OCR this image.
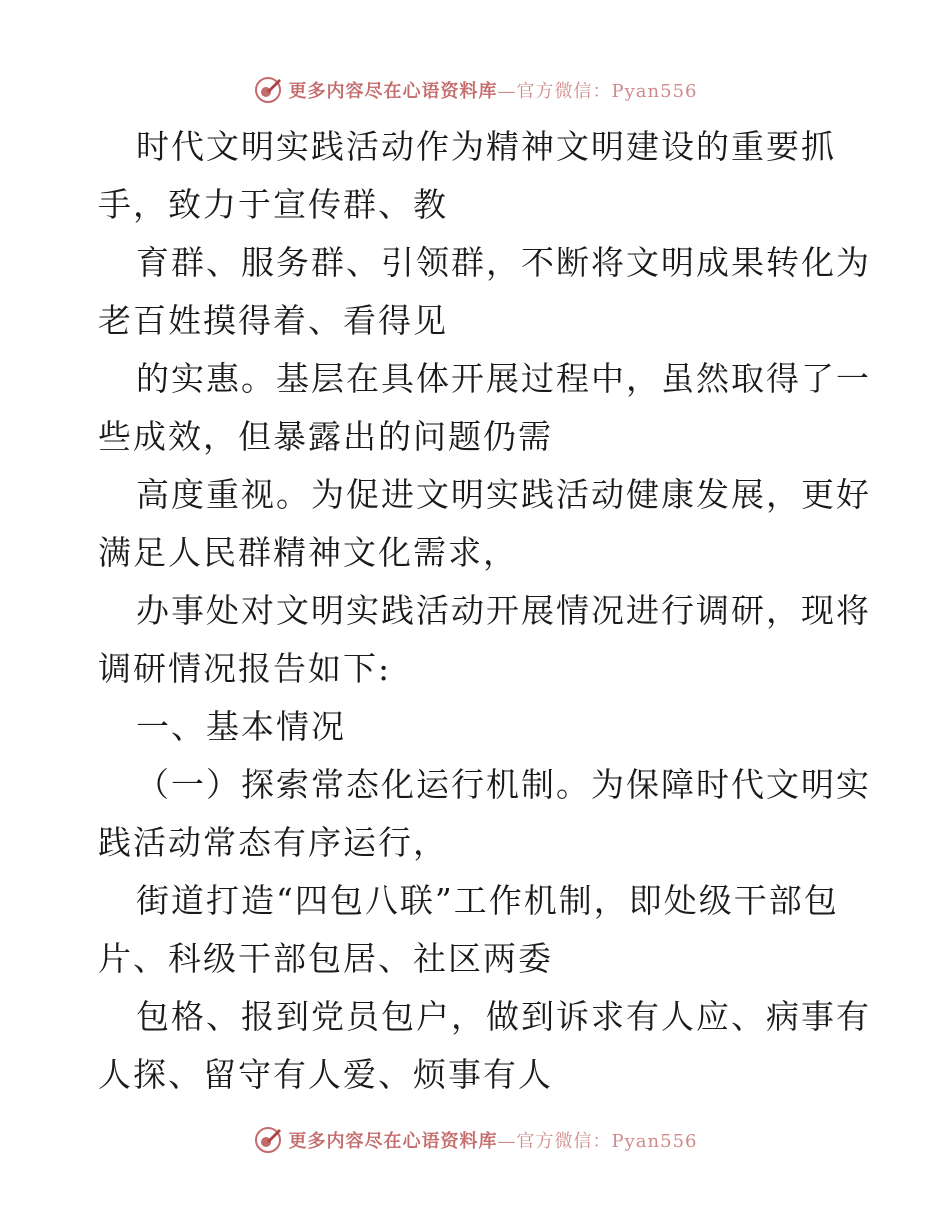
更多内容尽在心语资料库—官方微信：Pyan556
时代文明实践活动作为精神文明建设的重要抓
手，致力于宣传群、教
育群、服务群、引领群，不断将文明成果转化为
老百姓摸得着、看得见
的实惠。基层在具体开展过程中，虽然取得了一
些成效，但暴露出的问题仍需
高度重视。为促进文明实践活动健康发展，更好
满足人民群精神文化需求，
办事处对文明实践活动开展情况进行调研，现将
调研情况报告如下:
一、基本情况
（一）探索常态化运行机制。为保障时代文明实
践活动常态有序运行，
街道打造“四包八联”工作机制，即处级干部包
片、科级干部包居、社区两委
包格、报到党员包户，做到诉求有人应、病事有
人探、留守有人爱、烦事有人
更多内容尽在心语资料库—官方微信：Pyan556
